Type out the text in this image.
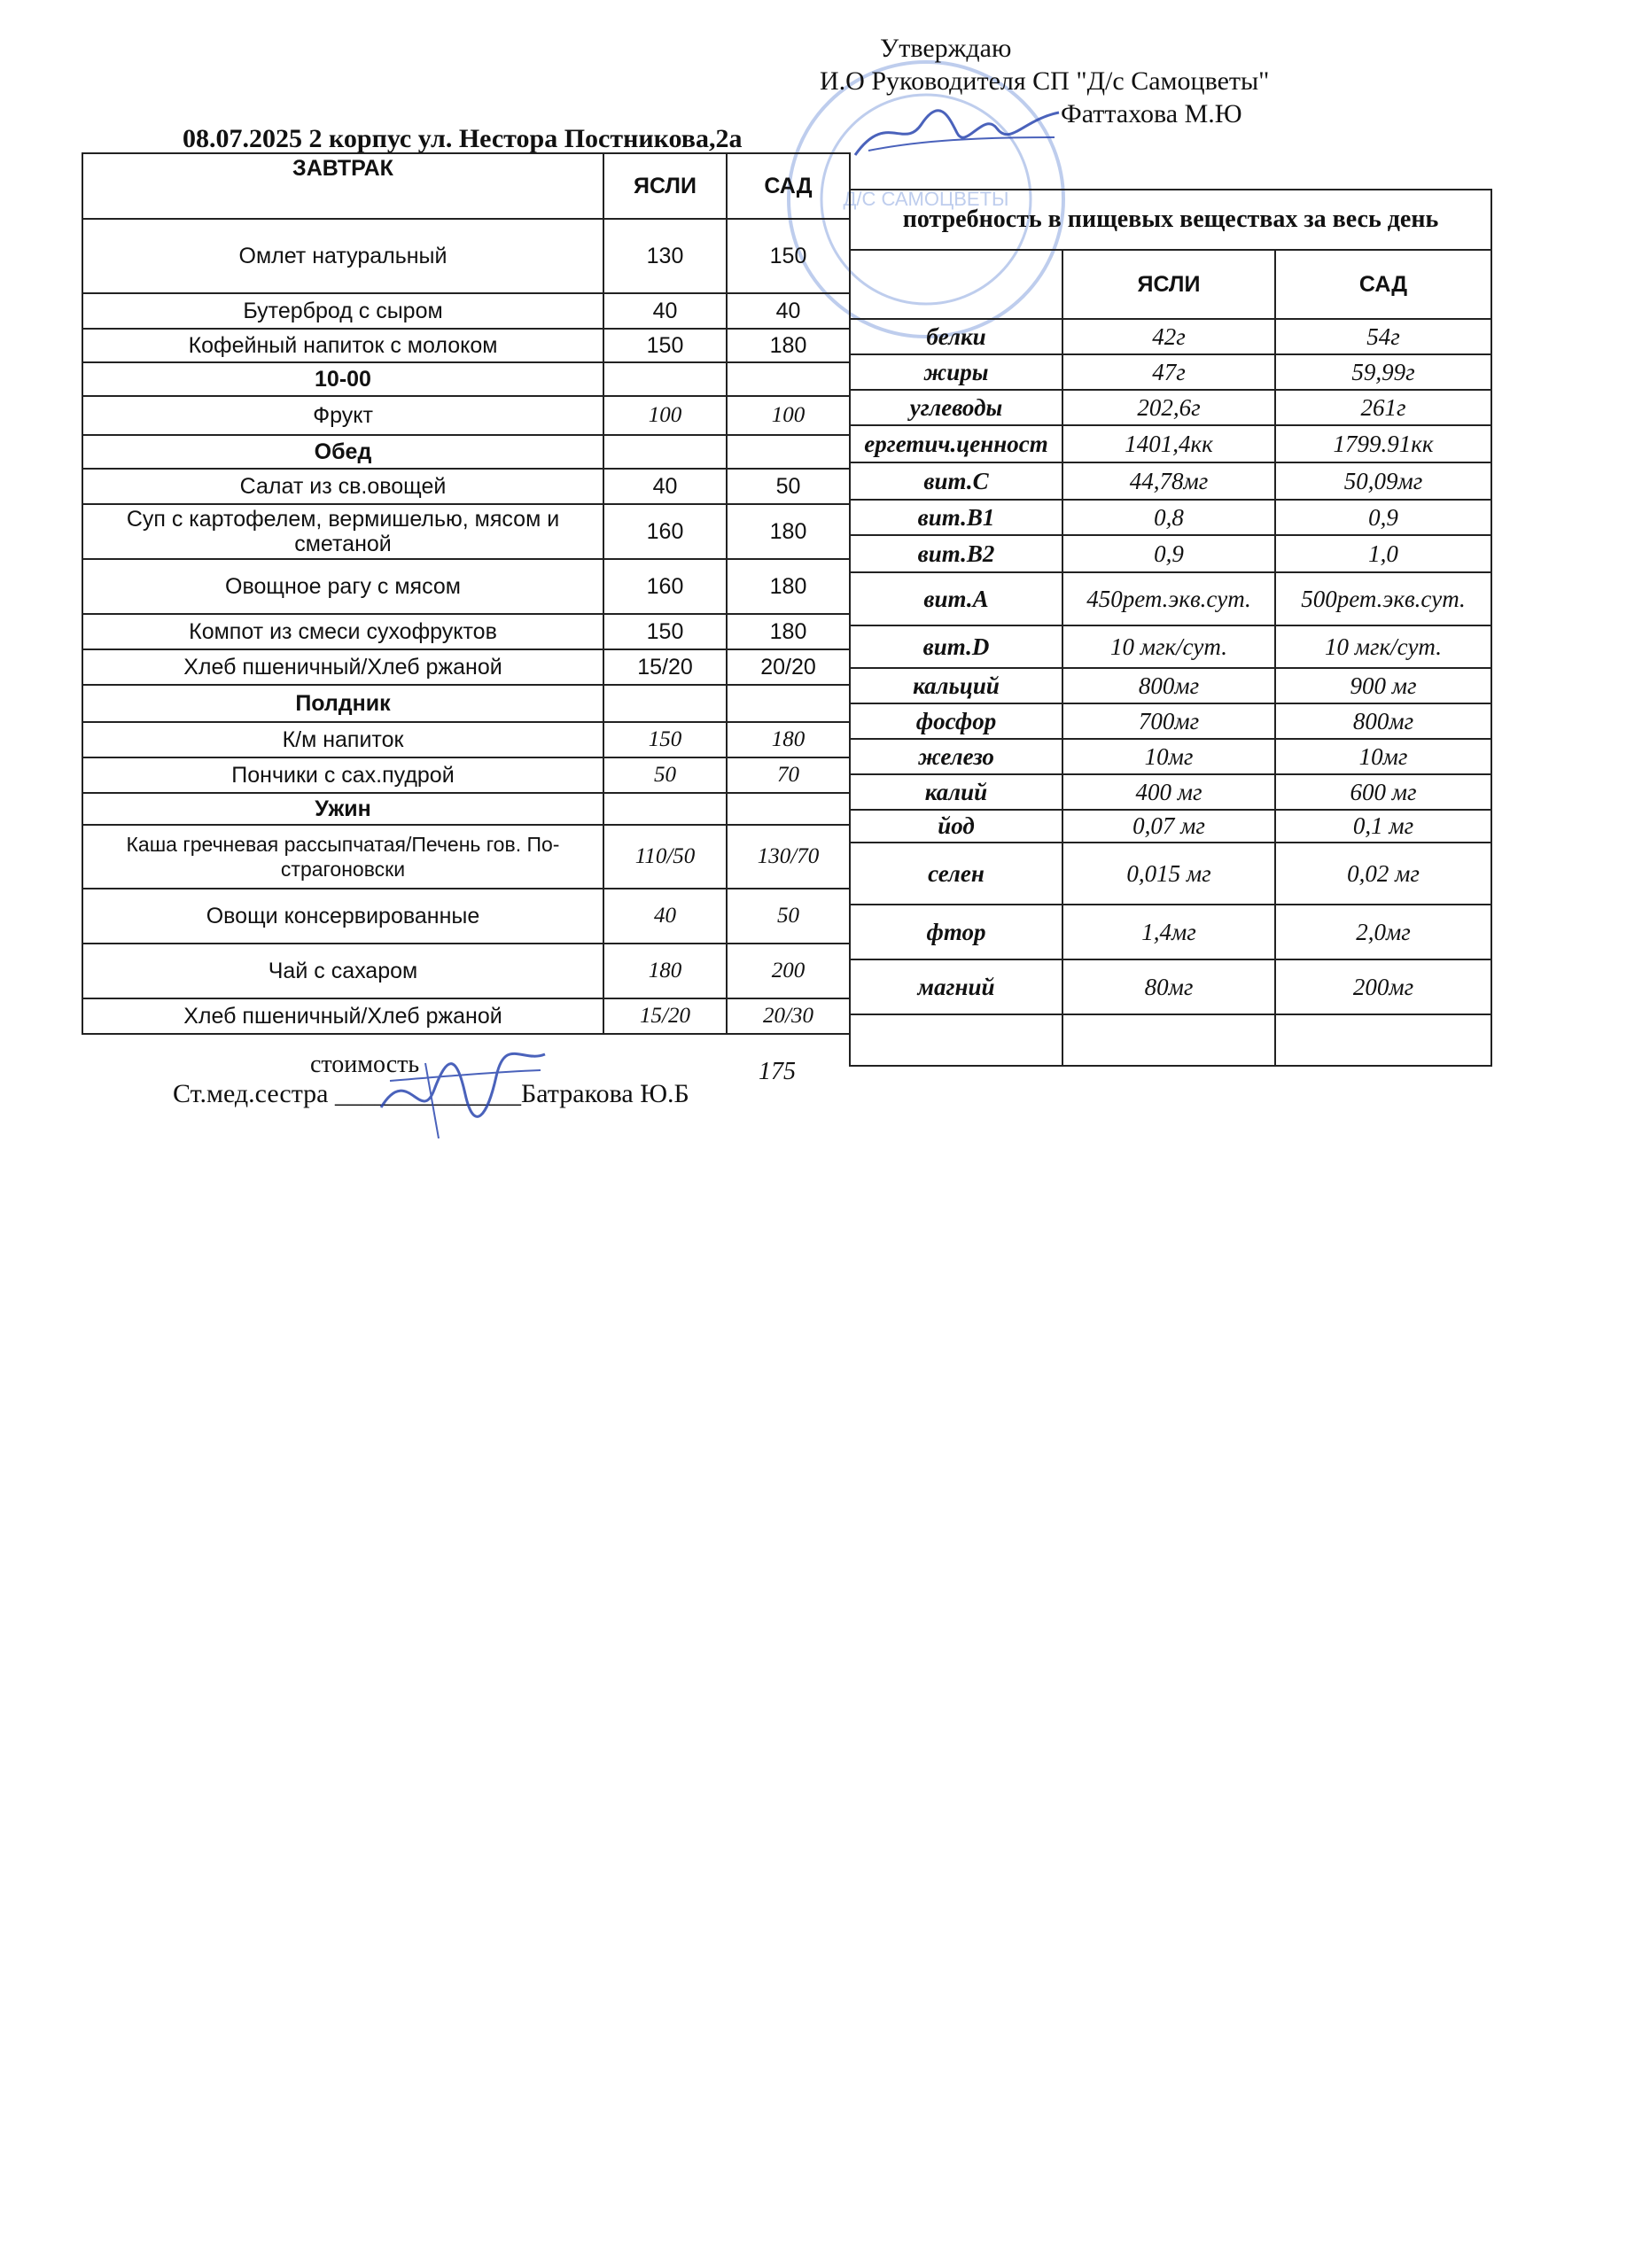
Д/С САМОЦВЕТЫ
Утверждаю
И.О Руководителя СП "Д/с Самоцветы"
Фаттахова М.Ю
08.07.2025 2 корпус ул. Нестора Постникова,2а
ЗАВТРАК	ЯСЛИ	САД
Омлет натуральный	130	150
Бутерброд с сыром	40	40
Кофейный напиток с молоком	150	180
10-00		
Фрукт	100	100
Обед		
Салат из св.овощей	40	50
Суп с картофелем, вермишелью, мясом и сметаной	160	180
Овощное рагу с мясом	160	180
Компот из смеси сухофруктов	150	180
Хлеб пшеничный/Хлеб ржаной	15/20	20/20
Полдник		
К/м напиток	150	180
Пончики с сах.пудрой	50	70
Ужин		
Каша гречневая рассыпчатая/Печень гов. По-страгоновски	110/50	130/70
Овощи консервированные	40	50
Чай с сахаром	180	200
Хлеб пшеничный/Хлеб ржаной	15/20	20/30
потребность в пищевых веществах за весь день		
	ЯСЛИ	САД
белки	42г	54г
жиры	47г	59,99г
углеводы	202,6г	261г
ергетич.ценност	1401,4кк	1799.91кк
вит.С	44,78мг	50,09мг
вит.В1	0,8	0,9
вит.В2	0,9	1,0
вит.А	450рет.экв.сут.	500рет.экв.сут.
вит.D	10 мгк/сут.	10 мгк/сут.
кальций	800мг	900 мг
фосфор	700мг	800мг
железо	10мг	10мг
калий	400 мг	600 мг
йод	0,07 мг	0,1 мг
селен	0,015 мг	0,02 мг
фтор	1,4мг	2,0мг
магний	80мг	200мг

стоимость	175
Ст.мед.сестра ______________Батракова Ю.Б
